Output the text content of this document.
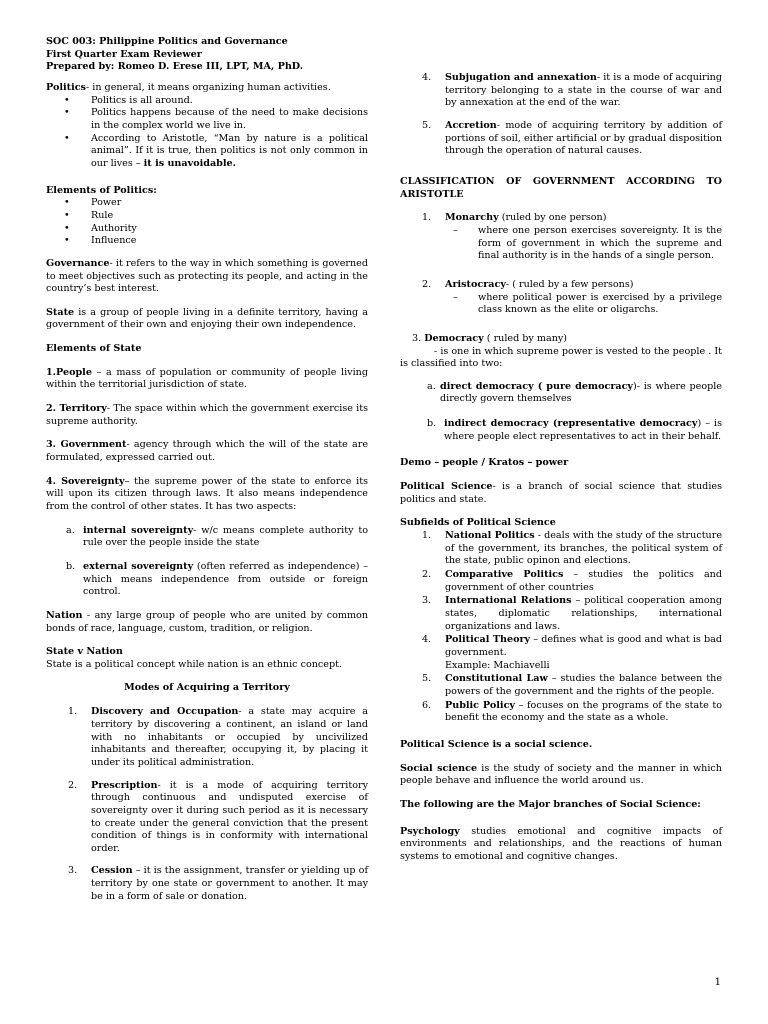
SOC 003: Philippine Politics and Governance

First Quarter Exam Reviewer

Prepared by: Romeo D. Erese III, LPT, MA, PhD.

Politics- in general, it means organizing human activities.

• Politics is all around.
• Politics happens because of the need to make decisions in the complex world we live in.
• According to Aristotle, “Man by nature is a political animal”. If it is true, then politics is not only common in our lives – it is unavoidable.

Elements of Politics:

• Power
• Rule
• Authority
• Influence

Governance- it refers to the way in which something is governed to meet objectives such as protecting its people, and acting in the country’s best interest.

State is a group of people living in a definite territory, having a government of their own and enjoying their own independence.

Elements of State

1.People – a mass of population or community of people living within the territorial jurisdiction of state.

2. Territory- The space within which the government exercise its supreme authority.

3. Government- agency through which the will of the state are formulated, expressed carried out.

4. Sovereignty– the supreme power of the state to enforce its will upon its citizen through laws. It also means independence from the control of other states. It has two aspects:

a. internal sovereignty- w/c means complete authority to rule over the people inside the state
b. external sovereignty (often referred as independence) – which means independence from outside or foreign control.

Nation - any large group of people who are united by common bonds of race, language, custom, tradition, or religion.

State v Nation

State is a political concept while nation is an ethnic concept.

Modes of Acquiring a Territory

1. Discovery and Occupation- a state may acquire a territory by discovering a continent, an island or land with no inhabitants or occupied by uncivilized inhabitants and thereafter, occupying it, by placing it under its political administration.
2. Prescription- it is a mode of acquiring territory through continuous and undisputed exercise of sovereignty over it during such period as it is necessary to create under the general conviction that the present condition of things is in conformity with international order.
3. Cession – it is the assignment, transfer or yielding up of territory by one state or government to another. It may be in a form of sale or donation.
4. Subjugation and annexation- it is a mode of acquiring territory belonging to a state in the course of war and by annexation at the end of the war.
5. Accretion- mode of acquiring territory by addition of portions of soil, either artificial or by gradual disposition through the operation of natural causes.

CLASSIFICATION OF GOVERNMENT ACCORDING TO ARISTOTLE

1. Monarchy (ruled by one person)
– where one person exercises sovereignty. It is the form of government in which the supreme and final authority is in the hands of a single person.
2. Aristocracy- ( ruled by a few persons)
– where political power is exercised by a privilege class known as the elite or oligarchs.
3. Democracy ( ruled by many)
- is one in which supreme power is vested to the people . It is classified into two:
a. direct democracy ( pure democracy)- is where people directly govern themselves
b. indirect democracy (representative democracy) – is where people elect representatives to act in their behalf.

Demo – people / Kratos – power

Political Science- is a branch of social science that studies politics and state.

Subfields of Political Science

1. National Politics - deals with the study of the structure of the government, its branches, the political system of the state, public opinon and elections.
2. Comparative Politics – studies the politics and government of other countries
3. International Relations – political cooperation among states, diplomatic relationships, international organizations and laws.
4. Political Theory – defines what is good and what is bad government.
Example: Machiavelli
5. Constitutional Law – studies the balance between the powers of the government and the rights of the people.
6. Public Policy – focuses on the programs of the state to benefit the economy and the state as a whole.

Political Science is a social science.

Social science is the study of society and the manner in which people behave and influence the world around us.

The following are the Major branches of Social Science:

Psychology studies emotional and cognitive impacts of environments and relationships, and the reactions of human systems to emotional and cognitive changes.

1
